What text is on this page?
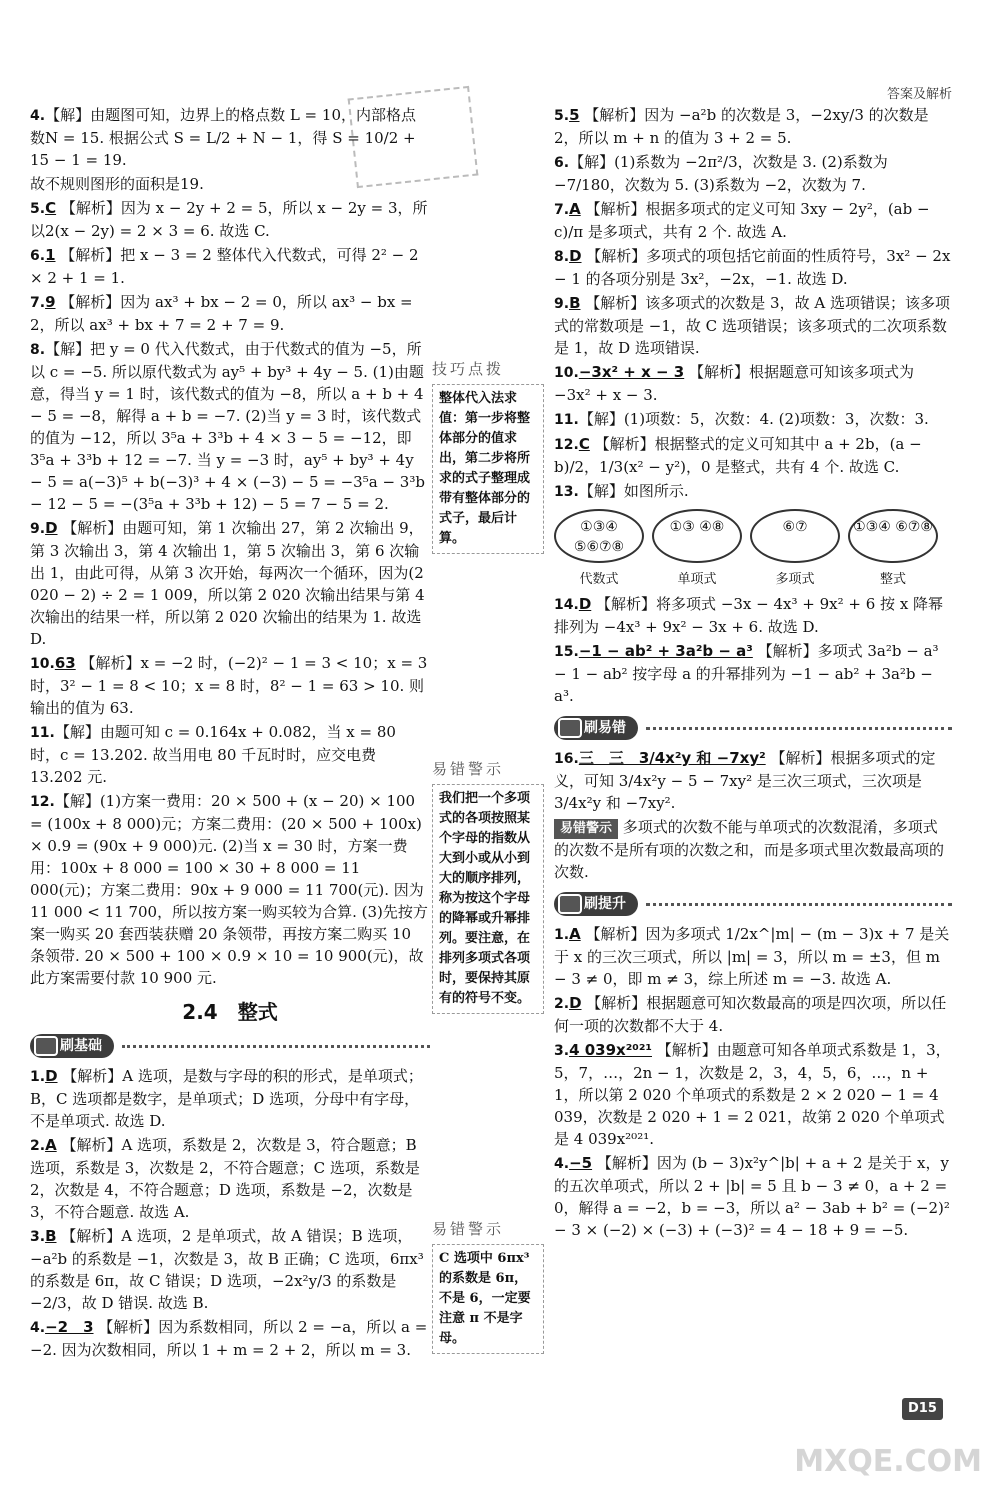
答案及解析
4.【解】由题图可知，边界上的格点数 L = 10，内部格点数N = 15. 根据公式 S = L/2 + N − 1，得 S = 10/2 + 15 − 1 = 19.
故不规则图形的面积是19.
5.C 【解析】因为 x − 2y + 2 = 5，所以 x − 2y = 3，所以2(x − 2y) = 2 × 3 = 6. 故选 C.
6.1 【解析】把 x − 3 = 2 整体代入代数式，可得 2² − 2 × 2 + 1 = 1.
7.9 【解析】因为 ax³ + bx − 2 = 0，所以 ax³ − bx = 2，所以 ax³ + bx + 7 = 2 + 7 = 9.
8.【解】把 y = 0 代入代数式，由于代数式的值为 −5，所以 c = −5. 所以原代数式为 ay⁵ + by³ + 4y − 5. (1)由题意，得当 y = 1 时，该代数式的值为 −8，所以 a + b + 4 − 5 = −8，解得 a + b = −7. (2)当 y = 3 时，该代数式的值为 −12，所以 3⁵a + 3³b + 4 × 3 − 5 = −12，即 3⁵a + 3³b + 12 = −7. 当 y = −3 时，ay⁵ + by³ + 4y − 5 = a(−3)⁵ + b(−3)³ + 4 × (−3) − 5 = −3⁵a − 3³b − 12 − 5 = −(3⁵a + 3³b + 12) − 5 = 7 − 5 = 2.
9.D 【解析】由题可知，第 1 次输出 27，第 2 次输出 9，第 3 次输出 3，第 4 次输出 1，第 5 次输出 3，第 6 次输出 1，由此可得，从第 3 次开始，每两次一个循环，因为(2 020 − 2) ÷ 2 = 1 009，所以第 2 020 次输出结果与第 4 次输出的结果一样，所以第 2 020 次输出的结果为 1. 故选 D.
10.63 【解析】x = −2 时，(−2)² − 1 = 3 < 10；x = 3 时，3² − 1 = 8 < 10；x = 8 时，8² − 1 = 63 > 10. 则输出的值为 63.
11.【解】由题可知 c = 0.164x + 0.082，当 x = 80 时，c = 13.202. 故当用电 80 千瓦时时，应交电费 13.202 元.
12.【解】(1)方案一费用：20 × 500 + (x − 20) × 100 = (100x + 8 000)元；方案二费用：(20 × 500 + 100x) × 0.9 = (90x + 9 000)元. (2)当 x = 30 时，方案一费用：100x + 8 000 = 100 × 30 + 8 000 = 11 000(元)；方案二费用：90x + 9 000 = 11 700(元). 因为11 000 < 11 700，所以按方案一购买较为合算. (3)先按方案一购买 20 套西装获赠 20 条领带，再按方案二购买 10 条领带. 20 × 500 + 100 × 0.9 × 10 = 10 900(元)，故此方案需要付款 10 900 元.
2.4　整式
刷基础
1.D 【解析】A 选项，是数与字母的积的形式，是单项式；B，C 选项都是数字，是单项式；D 选项，分母中有字母，不是单项式. 故选 D.
2.A 【解析】A 选项，系数是 2，次数是 3，符合题意；B 选项，系数是 3，次数是 2，不符合题意；C 选项，系数是 2，次数是 4，不符合题意；D 选项，系数是 −2，次数是 3，不符合题意. 故选 A.
3.B 【解析】A 选项，2 是单项式，故 A 错误；B 选项，−a²b 的系数是 −1，次数是 3，故 B 正确；C 选项，6πx³ 的系数是 6π，故 C 错误；D 选项，−2x²y/3 的系数是 −2/3，故 D 错误. 故选 B.
4.−2　3 【解析】因为系数相同，所以 2 = −a，所以 a = −2. 因为次数相同，所以 1 + m = 2 + 2，所以 m = 3.
技巧点拨
整体代入法求值：第一步将整体部分的值求出，第二步将所求的式子整理成带有整体部分的式子，最后计算。
易错警示
我们把一个多项式的各项按照某个字母的指数从大到小或从小到大的顺序排列，称为按这个字母的降幂或升幂排列。要注意，在排列多项式各项时，要保持其原有的符号不变。
易错警示
C 选项中 6πx³ 的系数是 6π，不是 6，一定要注意 π 不是字母。
5.5 【解析】因为 −a²b 的次数是 3，−2xy/3 的次数是 2，所以 m + n 的值为 3 + 2 = 5.
6.【解】(1)系数为 −2π²/3，次数是 3. (2)系数为 −7/180，次数为 5. (3)系数为 −2，次数为 7.
7.A 【解析】根据多项式的定义可知 3xy − 2y²，(ab − c)/π 是多项式，共有 2 个. 故选 A.
8.D 【解析】多项式的项包括它前面的性质符号，3x² − 2x − 1 的各项分别是 3x²，−2x，−1. 故选 D.
9.B 【解析】该多项式的次数是 3，故 A 选项错误；该多项式的常数项是 −1，故 C 选项错误；该多项式的二次项系数是 1，故 D 选项错误.
10.−3x² + x − 3 【解析】根据题意可知该多项式为 −3x² + x − 3.
11.【解】(1)项数：5，次数：4. (2)项数：3，次数：3.
12.C 【解析】根据整式的定义可知其中 a + 2b，(a − b)/2，1/3(x² − y²)，0 是整式，共有 4 个. 故选 C.
13.【解】如图所示.
①③④ ⑤⑥⑦⑧
代数式
①③ ④⑧
单项式
⑥⑦
多项式
①③④ ⑥⑦⑧
整式
14.D 【解析】将多项式 −3x − 4x³ + 9x² + 6 按 x 降幂排列为 −4x³ + 9x² − 3x + 6. 故选 D.
15.−1 − ab² + 3a²b − a³ 【解析】多项式 3a²b − a³ − 1 − ab² 按字母 a 的升幂排列为 −1 − ab² + 3a²b − a³.
刷易错
16.三　三　3/4x²y 和 −7xy² 【解析】根据多项式的定义，可知 3/4x²y − 5 − 7xy² 是三次三项式，三次项是 3/4x²y 和 −7xy².
易错警示 多项式的次数不能与单项式的次数混淆，多项式的次数不是所有项的次数之和，而是多项式里次数最高项的次数.
刷提升
1.A 【解析】因为多项式 1/2x^|m| − (m − 3)x + 7 是关于 x 的三次三项式，所以 |m| = 3，所以 m = ±3，但 m − 3 ≠ 0，即 m ≠ 3，综上所述 m = −3. 故选 A.
2.D 【解析】根据题意可知次数最高的项是四次项，所以任何一项的次数都不大于 4.
3.4 039x²⁰²¹ 【解析】由题意可知各单项式系数是 1，3，5，7，…，2n − 1，次数是 2，3，4，5，6，…，n + 1，所以第 2 020 个单项式的系数是 2 × 2 020 − 1 = 4 039，次数是 2 020 + 1 = 2 021，故第 2 020 个单项式是 4 039x²⁰²¹.
4.−5 【解析】因为 (b − 3)x²y^|b| + a + 2 是关于 x，y 的五次单项式，所以 2 + |b| = 5 且 b − 3 ≠ 0，a + 2 = 0，解得 a = −2，b = −3，所以 a² − 3ab + b² = (−2)² − 3 × (−2) × (−3) + (−3)² = 4 − 18 + 9 = −5.
D15
MXQE.COM
